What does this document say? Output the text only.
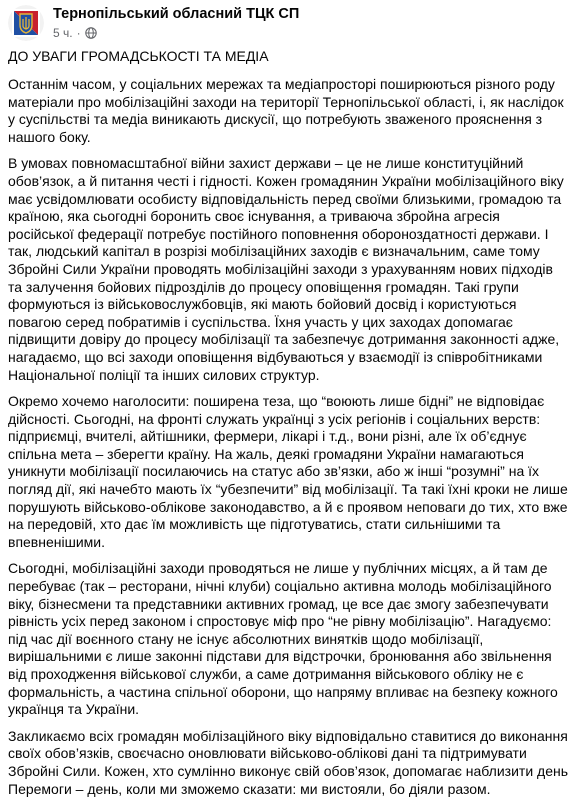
Тернопільський обласний ТЦК СП
5 ч. ·

ДО УВАГИ ГРОМАДСЬКОСТІ ТА МЕДІА

Останнім часом, у соціальних мережах та медіапросторі поширюються різного роду матеріали про мобілізаційні заходи на території Тернопільської області, і, як наслідок у суспільстві та медіа виникають дискусії, що потребують зваженого прояснення з нашого боку.

В умовах повномасштабної війни захист держави – це не лише конституційний обов’язок, а й питання честі і гідності. Кожен громадянин України мобілізаційного віку має усвідомлювати особисту відповідальність перед своїми близькими, громадою та країною, яка сьогодні боронить своє існування, а триваюча збройна агресія російської федерації потребує постійного поповнення обороноздатності держави. І так, людський капітал в розрізі мобілізаційних заходів є визначальним, саме тому Збройні Сили України проводять мобілізаційні заходи з урахуванням нових підходів та залучення бойових підрозділів до процесу оповіщення громадян. Такі групи формуються із військовослужбовців, які мають бойовий досвід і користуються повагою серед побратимів і суспільства. Їхня участь у цих заходах допомагає підвищити довіру до процесу мобілізації та забезпечує дотримання законності адже, нагадаємо, що всі заходи оповіщення відбуваються у взаємодії із співробітниками Національної поліції та інших силових структур.

Окремо хочемо наголосити: поширена теза, що “воюють лише бідні” не відповідає дійсності. Сьогодні, на фронті служать українці з усіх регіонів і соціальних верств: підприємці, вчителі, айтішники, фермери, лікарі і т.д., вони різні, але їх об’єднує спільна мета – зберегти країну. На жаль, деякі громадяни України намагаються уникнути мобілізації посилаючись на статус або зв’язки, або ж інші “розумні” на їх погляд дії, які начебто мають їх “убезпечити” від мобілізації. Та такі їхні кроки не лише порушують військово-облікове законодавство, а й є проявом неповаги до тих, хто вже на передовій, хто дає їм можливість ще підготуватись, стати сильнішими та впевненішими.

Сьогодні, мобілізаційні заходи проводяться не лише у публічних місцях, а й там де перебуває (так – ресторани, нічні клуби) соціально активна молодь мобілізаційного віку, бізнесмени та представники активних громад, це все дає змогу забезпечувати рівність усіх перед законом і спростовує міф про “не рівну мобілізацію”. Нагадуємо: під час дії воєнного стану не існує абсолютних винятків щодо мобілізації, вирішальними є лише законні підстави для відстрочки, бронювання або звільнення від проходження військової служби, а саме дотримання військового обліку не є формальність, а частина спільної оборони, що напряму впливає на безпеку кожного українця та України.

Закликаємо всіх громадян мобілізаційного віку відповідально ставитися до виконання своїх обов’язків, своєчасно оновлювати військово-облікові дані та підтримувати Збройні Сили. Кожен, хто сумлінно виконує свій обов’язок, допомагає наблизити день Перемоги – день, коли ми зможемо сказати: ми вистояли, бо діяли разом.
